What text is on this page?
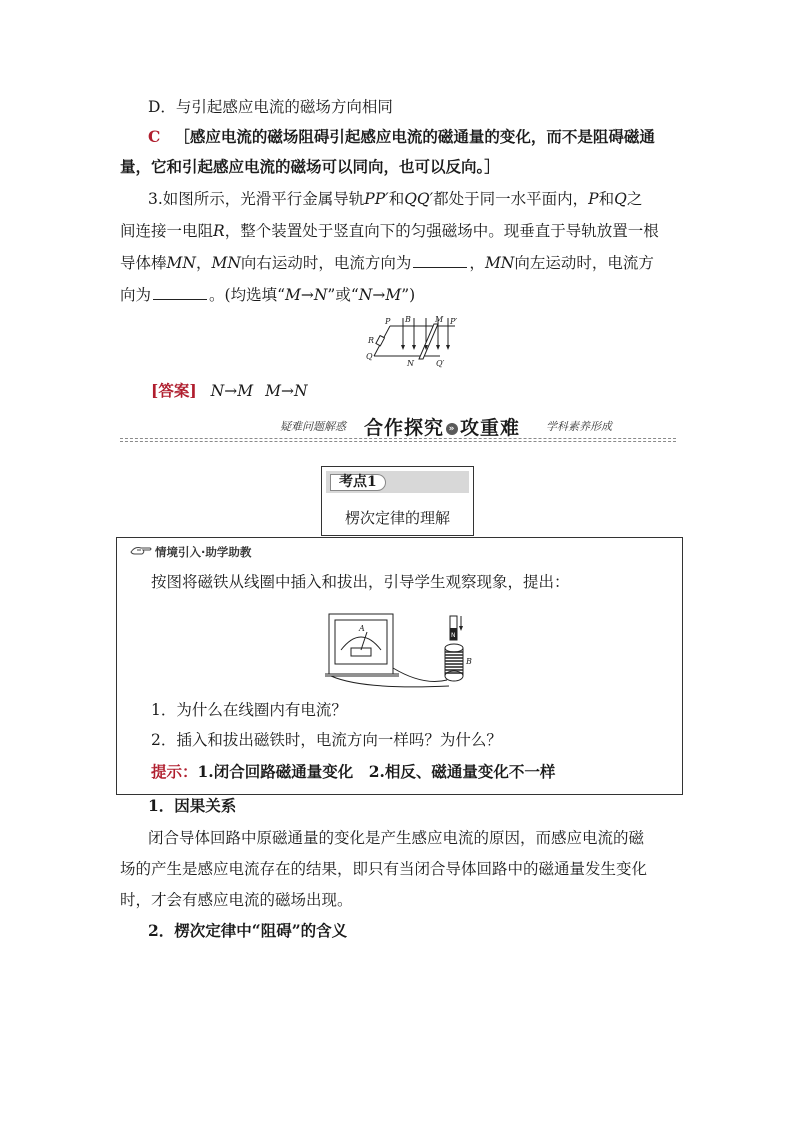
D．与引起感应电流的磁场方向相同
C ［感应电流的磁场阻碍引起感应电流的磁通量的变化，而不是阻碍磁通
量，它和引起感应电流的磁场可以同向，也可以反向。］
3.如图所示，光滑平行金属导轨PP′和QQ′都处于同一水平面内，P和Q之
间连接一电阻R，整个装置处于竖直向下的匀强磁场中。现垂直于导轨放置一根
导体棒MN，MN向右运动时，电流方向为	，MN向左运动时，电流方
向为	。(均选填“M→N”或“N→M”)
P B	M P′
R
Q
N	Q′
[答案] N→M M→N
疑难问题解惑 合作探究 » 攻重难 学科素养形成
考点1
楞次定律的理解
情境引入·助学助教
按图将磁铁从线圈中插入和拔出，引导学生观察现象，提出：
A
B
N
1．为什么在线圈内有电流？
2．插入和拔出磁铁时，电流方向一样吗？为什么？
提示：1.闭合回路磁通量变化　2.相反、磁通量变化不一样
1．因果关系
闭合导体回路中原磁通量的变化是产生感应电流的原因，而感应电流的磁
场的产生是感应电流存在的结果，即只有当闭合导体回路中的磁通量发生变化
时，才会有感应电流的磁场出现。
2．楞次定律中“阻碍”的含义
